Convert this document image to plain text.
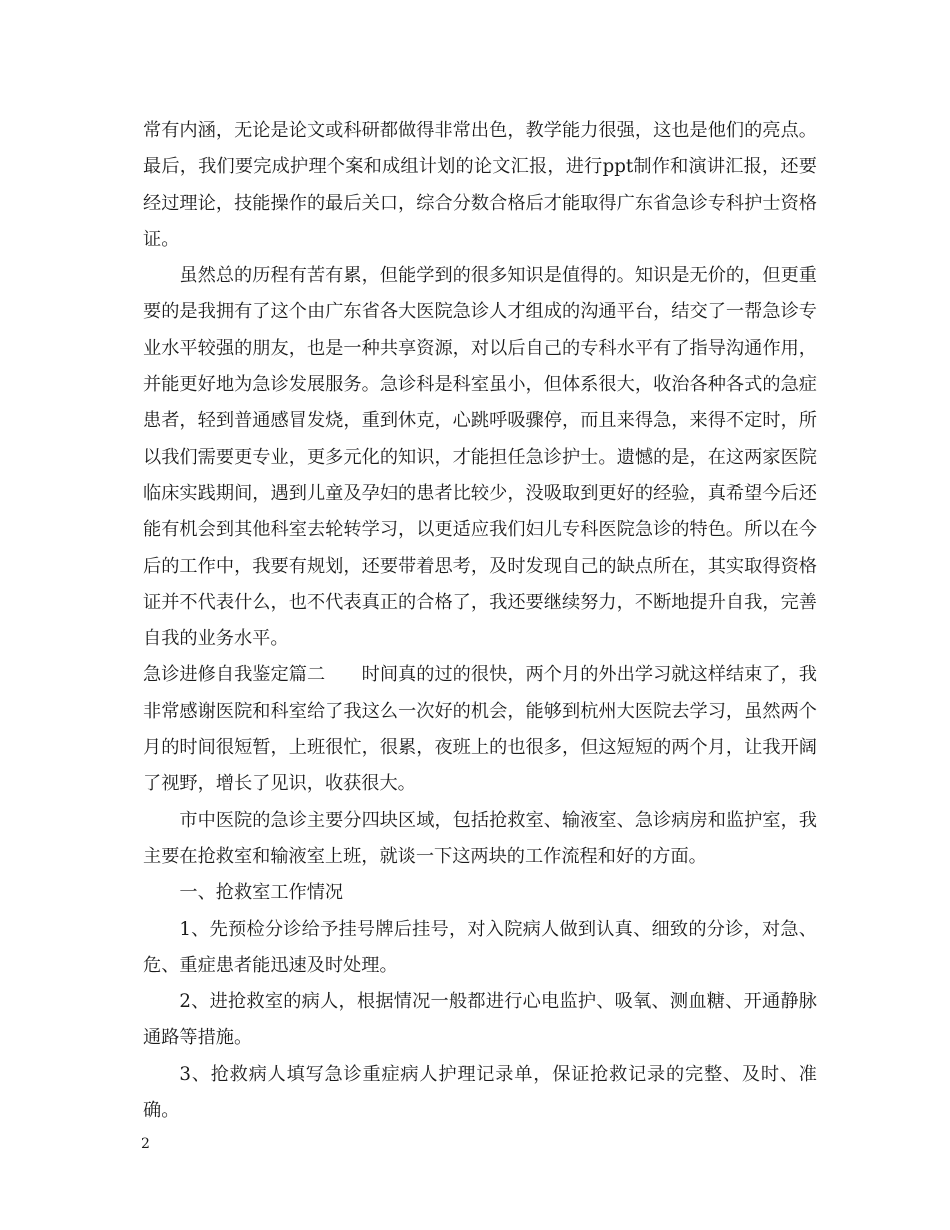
常有内涵，无论是论文或科研都做得非常出色，教学能力很强，这也是他们的亮点。最后，我们要完成护理个案和成组计划的论文汇报，进行ppt制作和演讲汇报，还要经过理论，技能操作的最后关口，综合分数合格后才能取得广东省急诊专科护士资格证。

虽然总的历程有苦有累，但能学到的很多知识是值得的。知识是无价的，但更重要的是我拥有了这个由广东省各大医院急诊人才组成的沟通平台，结交了一帮急诊专业水平较强的朋友，也是一种共享资源，对以后自己的专科水平有了指导沟通作用，并能更好地为急诊发展服务。急诊科是科室虽小，但体系很大，收治各种各式的急症患者，轻到普通感冒发烧，重到休克，心跳呼吸骤停，而且来得急，来得不定时，所以我们需要更专业，更多元化的知识，才能担任急诊护士。遗憾的是，在这两家医院临床实践期间，遇到儿童及孕妇的患者比较少，没吸取到更好的经验，真希望今后还能有机会到其他科室去轮转学习，以更适应我们妇儿专科医院急诊的特色。所以在今后的工作中，我要有规划，还要带着思考，及时发现自己的缺点所在，其实取得资格证并不代表什么，也不代表真正的合格了，我还要继续努力，不断地提升自我，完善自我的业务水平。

急诊进修自我鉴定篇二　　时间真的过的很快，两个月的外出学习就这样结束了，我非常感谢医院和科室给了我这么一次好的机会，能够到杭州大医院去学习，虽然两个月的时间很短暂，上班很忙，很累，夜班上的也很多，但这短短的两个月，让我开阔了视野，增长了见识，收获很大。

市中医院的急诊主要分四块区域，包括抢救室、输液室、急诊病房和监护室，我主要在抢救室和输液室上班，就谈一下这两块的工作流程和好的方面。

一、抢救室工作情况

1、先预检分诊给予挂号牌后挂号，对入院病人做到认真、细致的分诊，对急、危、重症患者能迅速及时处理。

2、进抢救室的病人，根据情况一般都进行心电监护、吸氧、测血糖、开通静脉通路等措施。

3、抢救病人填写急诊重症病人护理记录单，保证抢救记录的完整、及时、准确。

2
